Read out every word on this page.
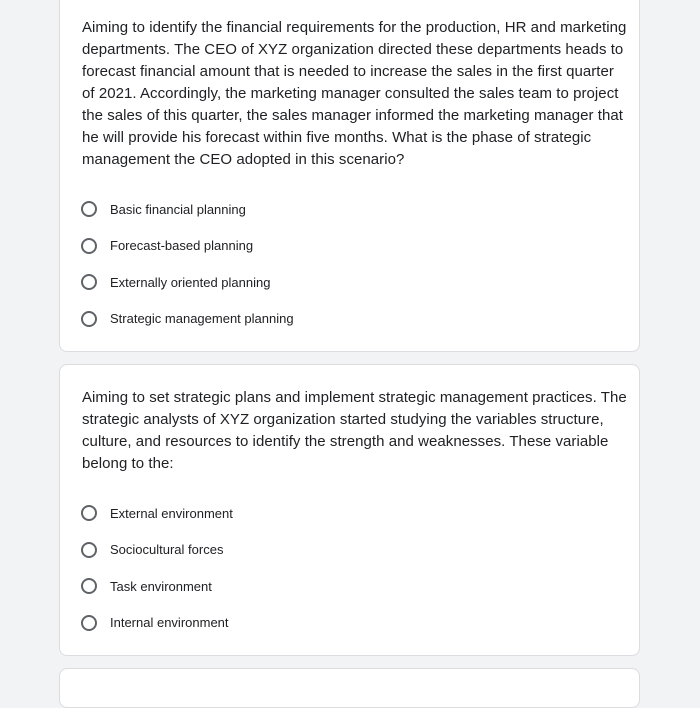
Aiming to identify the financial requirements for the production, HR and marketing departments. The CEO of XYZ organization directed these departments heads to forecast financial amount that is needed to increase the sales in the first quarter of 2021. Accordingly, the marketing manager consulted the sales team to project the sales of this quarter, the sales manager informed the marketing manager that he will provide his forecast within five months. What is the phase of strategic management the CEO adopted in this scenario?

Basic financial planning
Forecast-based planning
Externally oriented planning
Strategic management planning

Aiming to set strategic plans and implement strategic management practices. The strategic analysts of XYZ organization started studying the variables structure, culture, and resources to identify the strength and weaknesses. These variable belong to the:

External environment
Sociocultural forces
Task environment
Internal environment
